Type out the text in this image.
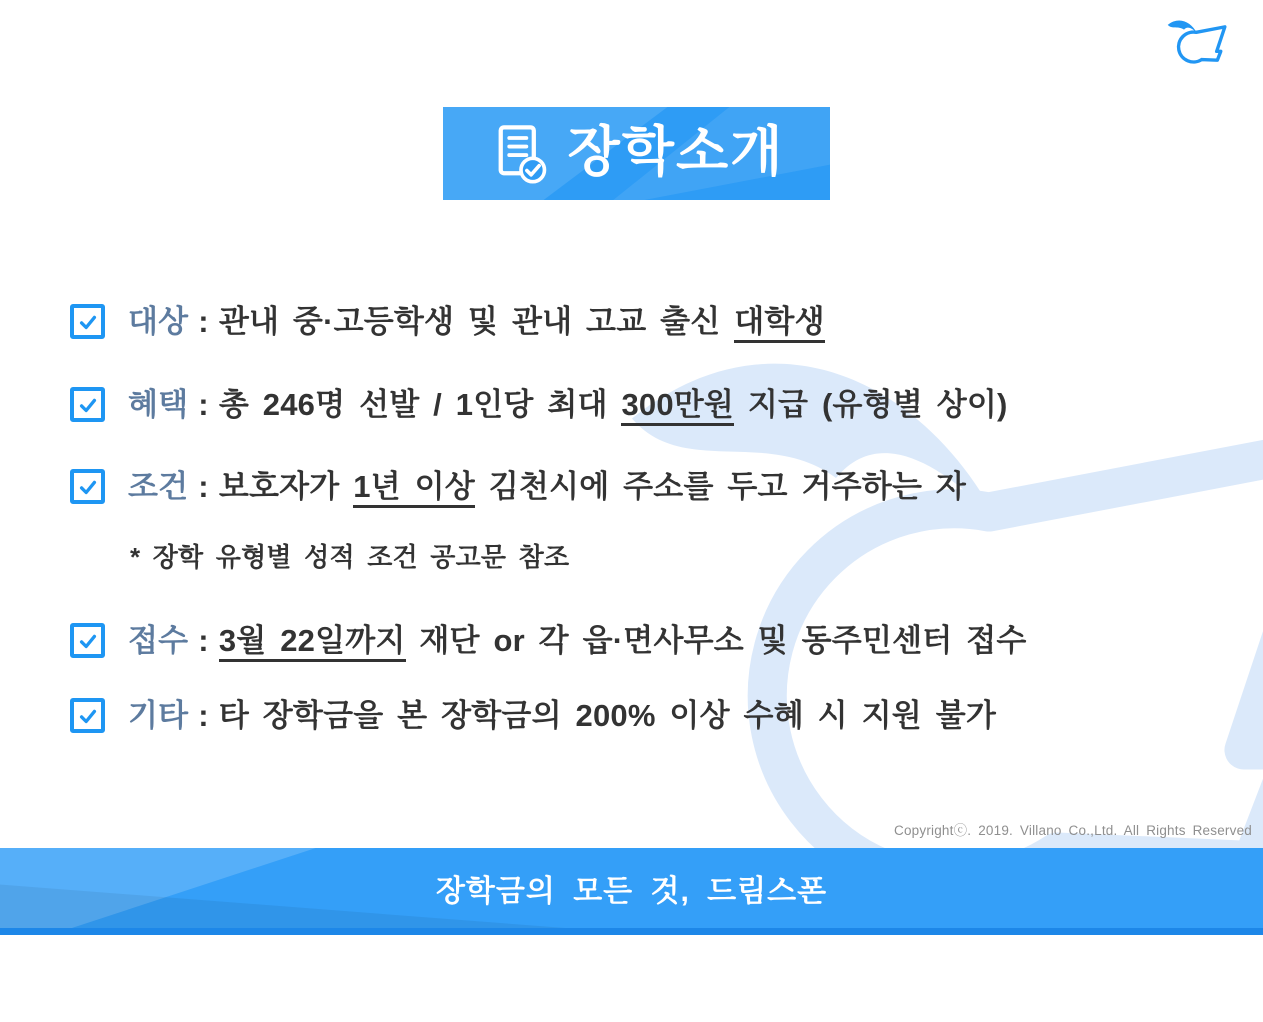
장학소개
대상 : 관내 중·고등학생 및 관내 고교 출신 대학생
혜택 : 총 246명 선발 / 1인당 최대 300만원 지급 (유형별 상이)
조건 : 보호자가 1년 이상 김천시에 주소를 두고 거주하는 자
* 장학 유형별 성적 조건 공고문 참조
접수 : 3월 22일까지 재단 or 각 읍·면사무소 및 동주민센터 접수
기타 : 타 장학금을 본 장학금의 200% 이상 수혜 시 지원 불가
Copyrightⓒ. 2019. Villano Co.,Ltd. All Rights Reserved
장학금의 모든 것, 드림스폰
